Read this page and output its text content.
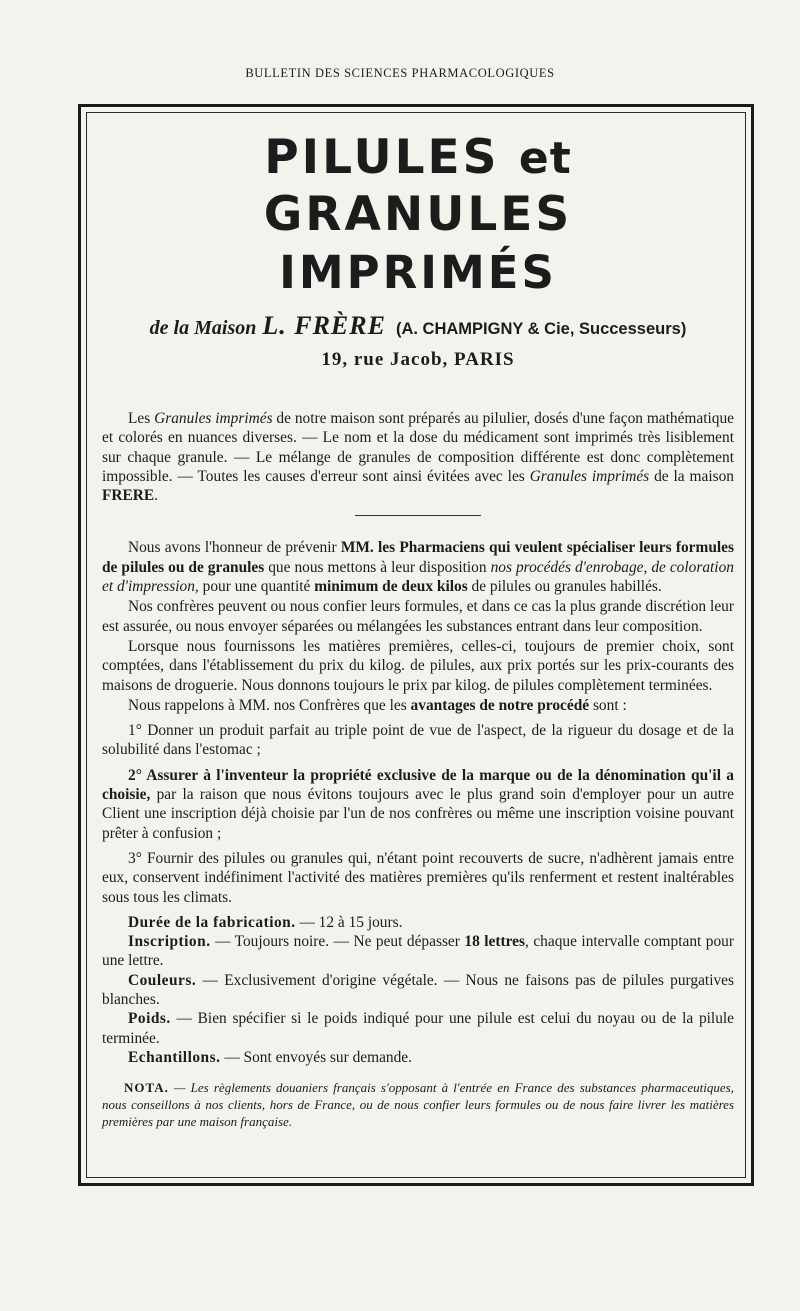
BULLETIN DES SCIENCES PHARMACOLOGIQUES
PILULES et GRANULES
IMPRIMÉS
de la Maison L. FRÈRE (A. CHAMPIGNY & Cie, Successeurs)
19, rue Jacob, PARIS

Les Granules imprimés de notre maison sont préparés au pilulier, dosés d'une façon mathématique et colorés en nuances diverses. — Le nom et la dose du médicament sont imprimés très lisiblement sur chaque granule. — Le mélange de granules de composition différente est donc complètement impossible. — Toutes les causes d'erreur sont ainsi évitées avec les Granules imprimés de la maison FRERE.

Nous avons l'honneur de prévenir MM. les Pharmaciens qui veulent spécialiser leurs formules de pilules ou de granules que nous mettons à leur disposition nos procédés d'enrobage, de coloration et d'impression, pour une quantité minimum de deux kilos de pilules ou granules habillés.

Nos confrères peuvent ou nous confier leurs formules, et dans ce cas la plus grande discrétion leur est assurée, ou nous envoyer séparées ou mélangées les substances entrant dans leur composition.

Lorsque nous fournissons les matières premières, celles-ci, toujours de premier choix, sont comptées, dans l'établissement du prix du kilog. de pilules, aux prix portés sur les prix-courants des maisons de droguerie. Nous donnons toujours le prix par kilog. de pilules complètement terminées.

Nous rappelons à MM. nos Confrères que les avantages de notre procédé sont :

1° Donner un produit parfait au triple point de vue de l'aspect, de la rigueur du dosage et de la solubilité dans l'estomac ;

2° Assurer à l'inventeur la propriété exclusive de la marque ou de la dénomination qu'il a choisie, par la raison que nous évitons toujours avec le plus grand soin d'employer pour un autre Client une inscription déjà choisie par l'un de nos confrères ou même une inscription voisine pouvant prêter à confusion ;

3° Fournir des pilules ou granules qui, n'étant point recouverts de sucre, n'adhèrent jamais entre eux, conservent indéfiniment l'activité des matières premières qu'ils renferment et restent inaltérables sous tous les climats.

Durée de la fabrication. — 12 à 15 jours.

Inscription. — Toujours noire. — Ne peut dépasser 18 lettres, chaque intervalle comptant pour une lettre.

Couleurs. — Exclusivement d'origine végétale. — Nous ne faisons pas de pilules purgatives blanches.

Poids. — Bien spécifier si le poids indiqué pour une pilule est celui du noyau ou de la pilule terminée.

Echantillons. — Sont envoyés sur demande.

NOTA. — Les règlements douaniers français s'opposant à l'entrée en France des substances pharmaceutiques, nous conseillons à nos clients, hors de France, ou de nous confier leurs formules ou de nous faire livrer les matières premières par une maison française.
